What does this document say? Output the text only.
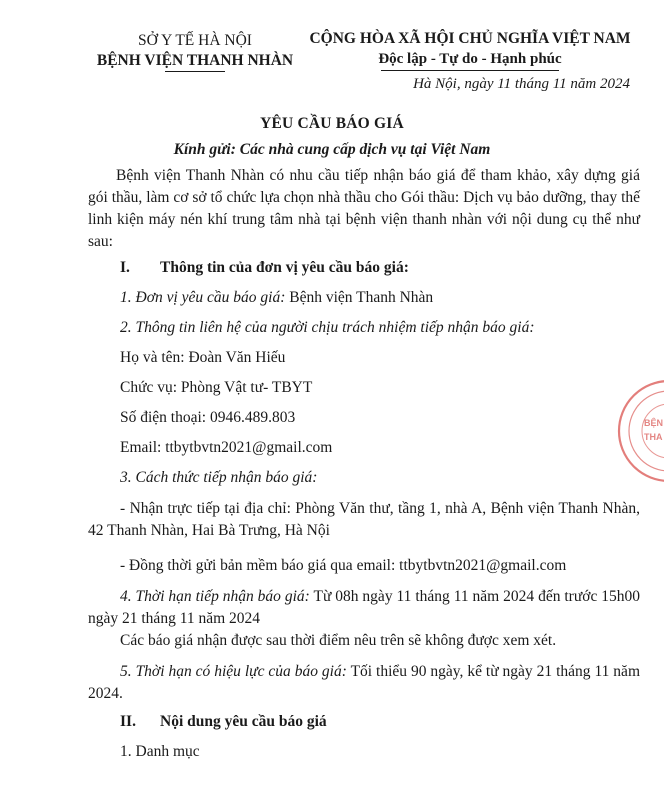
SỞ Y TẾ HÀ NỘI
BỆNH VIỆN THANH NHÀN
CỘNG HÒA XÃ HỘI CHỦ NGHĨA VIỆT NAM
Độc lập - Tự do - Hạnh phúc
Hà Nội, ngày 11 tháng 11 năm 2024
YÊU CẦU BÁO GIÁ
Kính gửi: Các nhà cung cấp dịch vụ tại Việt Nam
Bệnh viện Thanh Nhàn có nhu cầu tiếp nhận báo giá để tham khảo, xây dựng giá gói thầu, làm cơ sở tổ chức lựa chọn nhà thầu cho Gói thầu: Dịch vụ bảo dưỡng, thay thế linh kiện máy nén khí trung tâm nhà tại bệnh viện thanh nhàn với nội dung cụ thể như sau:
I. Thông tin của đơn vị yêu cầu báo giá:
1. Đơn vị yêu cầu báo giá: Bệnh viện Thanh Nhàn
2. Thông tin liên hệ của người chịu trách nhiệm tiếp nhận báo giá:
Họ và tên: Đoàn Văn Hiếu
Chức vụ: Phòng Vật tư- TBYT
Số điện thoại: 0946.489.803
Email: ttbytbvtn2021@gmail.com
3. Cách thức tiếp nhận báo giá:
- Nhận trực tiếp tại địa chỉ: Phòng Văn thư, tầng 1, nhà A, Bệnh viện Thanh Nhàn, 42 Thanh Nhàn, Hai Bà Trưng, Hà Nội
- Đồng thời gửi bản mềm báo giá qua email: ttbytbvtn2021@gmail.com
4. Thời hạn tiếp nhận báo giá: Từ 08h ngày 11 tháng 11 năm 2024 đến trước 15h00 ngày 21 tháng 11 năm 2024
Các báo giá nhận được sau thời điểm nêu trên sẽ không được xem xét.
5. Thời hạn có hiệu lực của báo giá: Tối thiểu 90 ngày, kể từ ngày 21 tháng 11 năm 2024.
II. Nội dung yêu cầu báo giá
1. Danh mục
BỆN
THA
